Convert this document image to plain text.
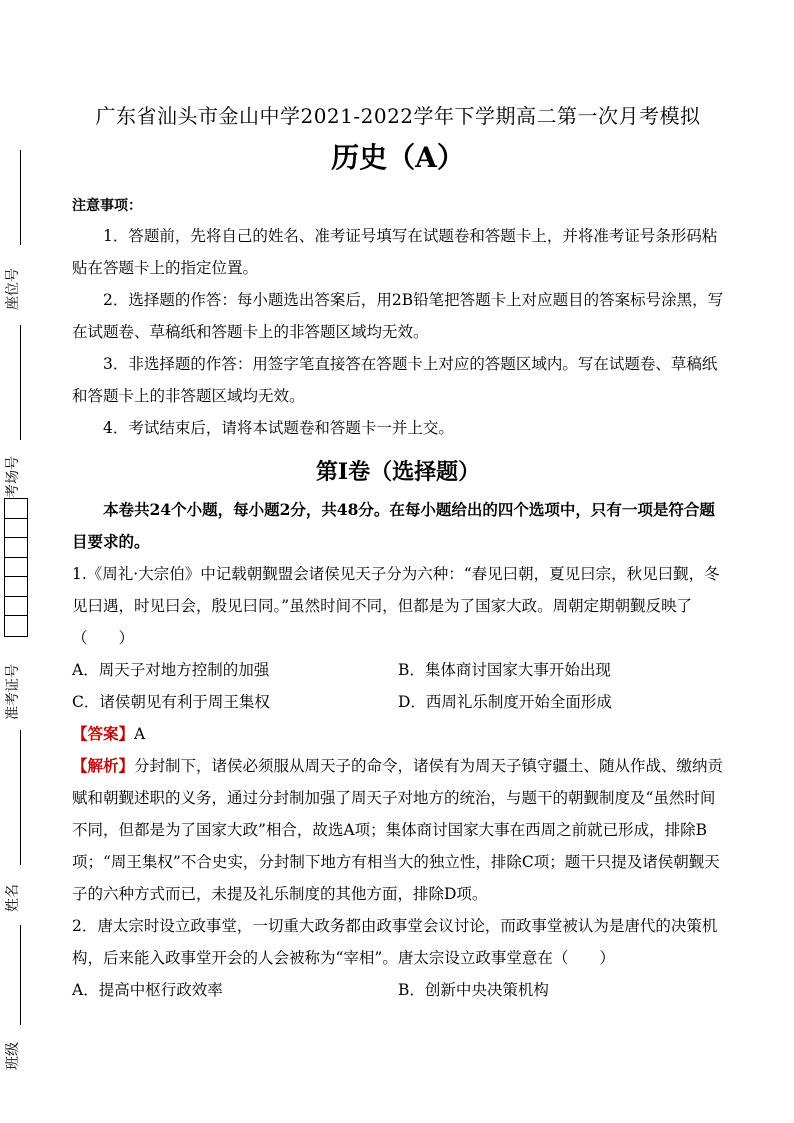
座位号
考场号
准考证号
姓名
班级

广东省汕头市金山中学2021-2022学年下学期高二第一次月考模拟

历史（A）

注意事项：

1．答题前，先将自己的姓名、准考证号填写在试题卷和答题卡上，并将准考证号条形码粘贴在答题卡上的指定位置。

2．选择题的作答：每小题选出答案后，用2B铅笔把答题卡上对应题目的答案标号涂黑，写在试题卷、草稿纸和答题卡上的非答题区域均无效。

3．非选择题的作答：用签字笔直接答在答题卡上对应的答题区域内。写在试题卷、草稿纸和答题卡上的非答题区域均无效。

4．考试结束后，请将本试题卷和答题卡一并上交。

第Ⅰ卷（选择题）

本卷共24个小题，每小题2分，共48分。在每小题给出的四个选项中，只有一项是符合题目要求的。

1.《周礼·大宗伯》中记载朝觐盟会诸侯见天子分为六种：“春见曰朝，夏见曰宗，秋见曰觐，冬见曰遇，时见曰会，殷见曰同。”虽然时间不同，但都是为了国家大政。周朝定期朝觐反映了（　　）

A．周天子对地方控制的加强	B．集体商讨国家大事开始出现
C．诸侯朝见有利于周王集权	D．西周礼乐制度开始全面形成

【答案】A

【解析】分封制下，诸侯必须服从周天子的命令，诸侯有为周天子镇守疆土、随从作战、缴纳贡赋和朝觐述职的义务，通过分封制加强了周天子对地方的统治，与题干的朝觐制度及“虽然时间不同，但都是为了国家大政”相合，故选A项；集体商讨国家大事在西周之前就已形成，排除B项；“周王集权”不合史实，分封制下地方有相当大的独立性，排除C项；题干只提及诸侯朝觐天子的六种方式而已，未提及礼乐制度的其他方面，排除D项。

2．唐太宗时设立政事堂，一切重大政务都由政事堂会议讨论，而政事堂被认为是唐代的决策机构，后来能入政事堂开会的人会被称为“宰相”。唐太宗设立政事堂意在（　　）

A．提高中枢行政效率	B．创新中央决策机构
